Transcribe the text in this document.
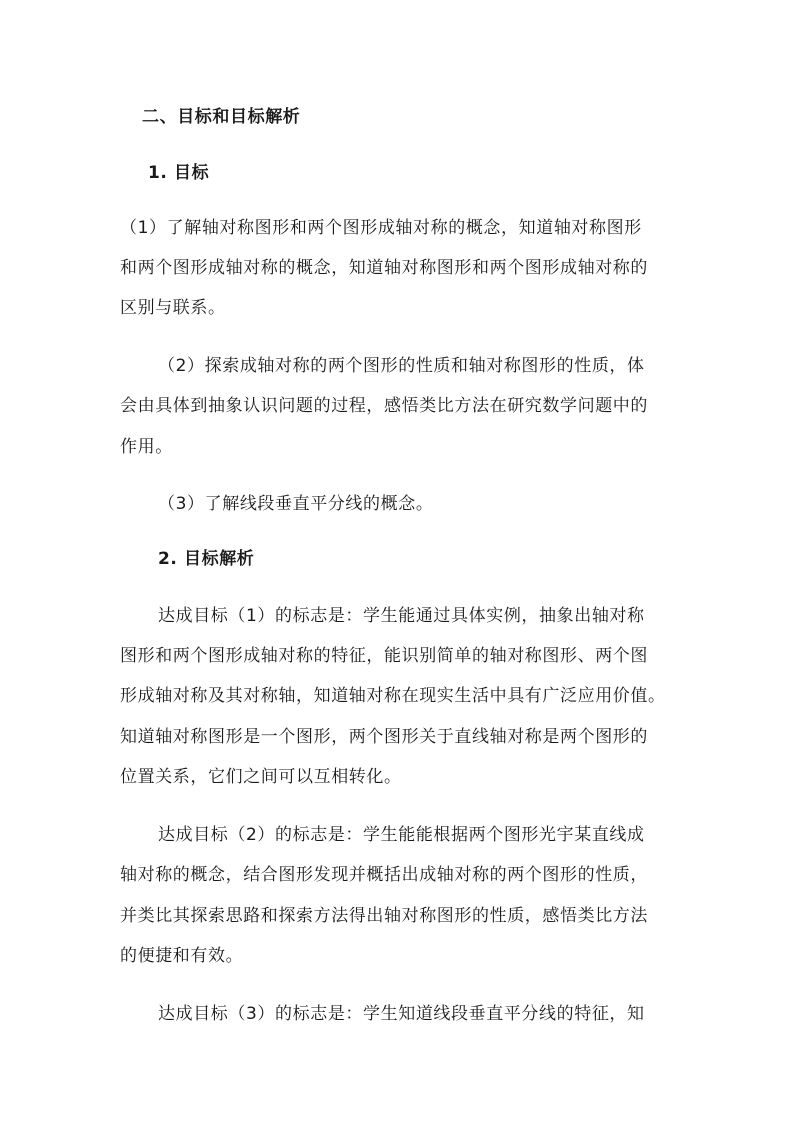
二、目标和目标解析
1. 目标
（1）了解轴对称图形和两个图形成轴对称的概念，知道轴对称图形
和两个图形成轴对称的概念，知道轴对称图形和两个图形成轴对称的
区别与联系。
（2）探索成轴对称的两个图形的性质和轴对称图形的性质，体
会由具体到抽象认识问题的过程，感悟类比方法在研究数学问题中的
作用。
（3）了解线段垂直平分线的概念。
2. 目标解析
达成目标（1）的标志是：学生能通过具体实例，抽象出轴对称
图形和两个图形成轴对称的特征，能识别简单的轴对称图形、两个图
形成轴对称及其对称轴，知道轴对称在现实生活中具有广泛应用价值。
知道轴对称图形是一个图形，两个图形关于直线轴对称是两个图形的
位置关系，它们之间可以互相转化。
达成目标（2）的标志是：学生能能根据两个图形光宇某直线成
轴对称的概念，结合图形发现并概括出成轴对称的两个图形的性质，
并类比其探索思路和探索方法得出轴对称图形的性质，感悟类比方法
的便捷和有效。
达成目标（3）的标志是：学生知道线段垂直平分线的特征，知
